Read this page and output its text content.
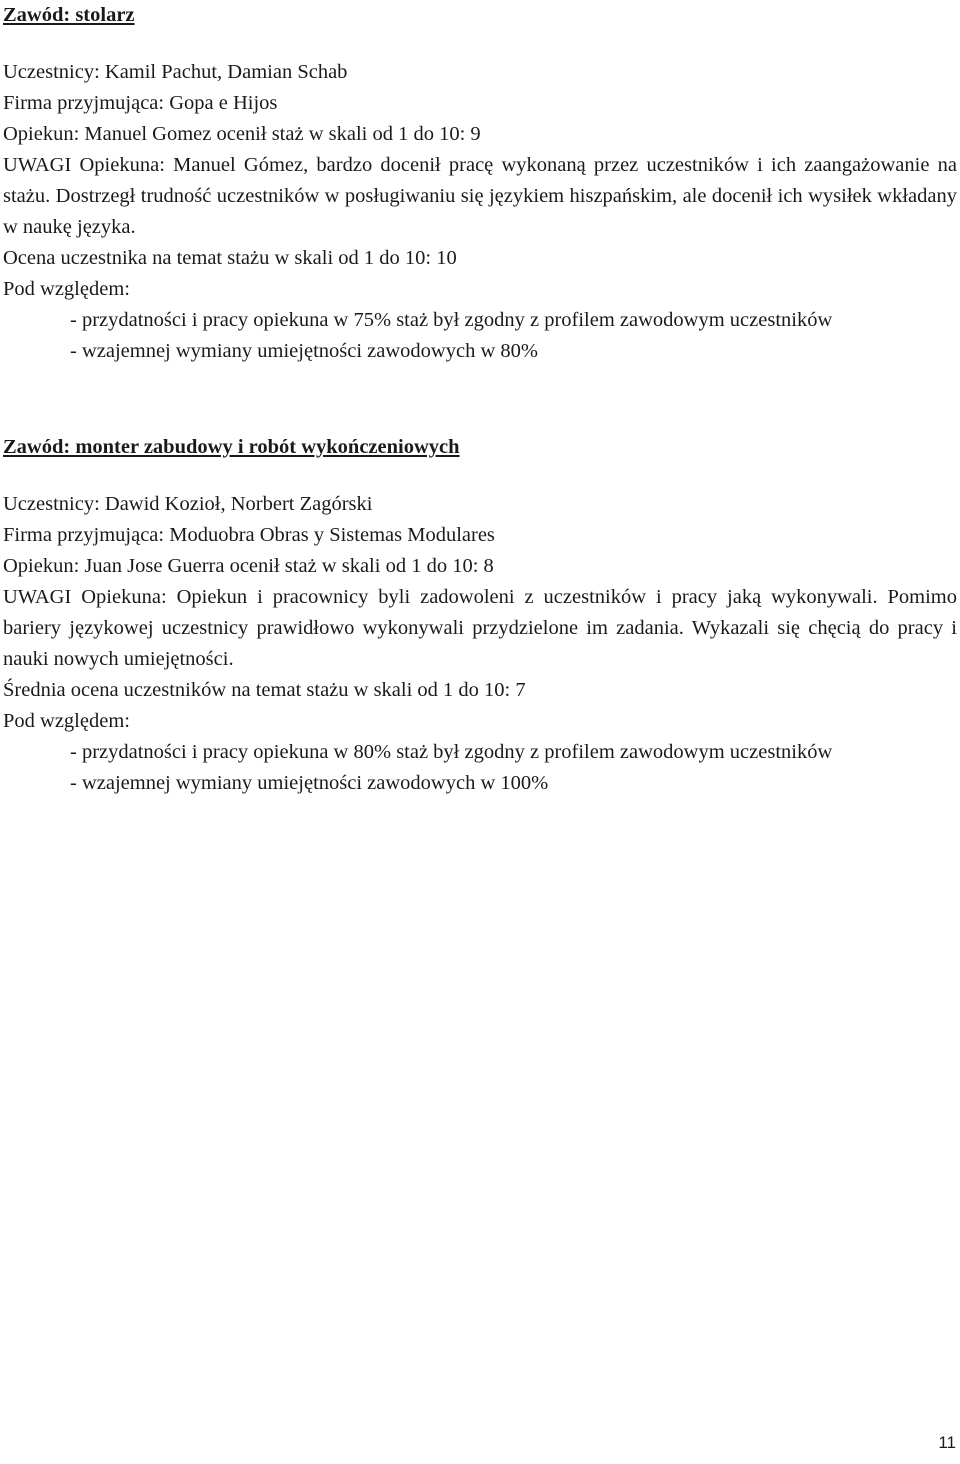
Zawód: stolarz
Uczestnicy: Kamil Pachut, Damian Schab
Firma przyjmująca: Gopa e Hijos
Opiekun: Manuel Gomez ocenił staż w skali od 1 do 10: 9
UWAGI Opiekuna: Manuel Gómez, bardzo docenił pracę wykonaną przez uczestników i ich zaangażowanie na stażu. Dostrzegł trudność uczestników w posługiwaniu się językiem hiszpańskim, ale docenił ich wysiłek wkładany w naukę języka.
Ocena uczestnika na temat stażu w skali od 1 do 10: 10
Pod względem:
- przydatności i pracy opiekuna w 75% staż był zgodny z profilem zawodowym uczestników
- wzajemnej wymiany umiejętności zawodowych w 80%
Zawód: monter zabudowy i robót wykończeniowych
Uczestnicy: Dawid Kozioł, Norbert Zagórski
Firma przyjmująca: Moduobra Obras y Sistemas Modulares
Opiekun: Juan Jose Guerra ocenił staż w skali od 1 do 10: 8
UWAGI Opiekuna: Opiekun i pracownicy byli zadowoleni z uczestników i pracy jaką wykonywali. Pomimo bariery językowej uczestnicy prawidłowo wykonywali przydzielone im zadania. Wykazali się chęcią do pracy i nauki nowych umiejętności.
Średnia ocena uczestników na temat stażu w skali od 1 do 10: 7
Pod względem:
- przydatności i pracy opiekuna w 80% staż był zgodny z profilem zawodowym uczestników
- wzajemnej wymiany umiejętności zawodowych w 100%
11
